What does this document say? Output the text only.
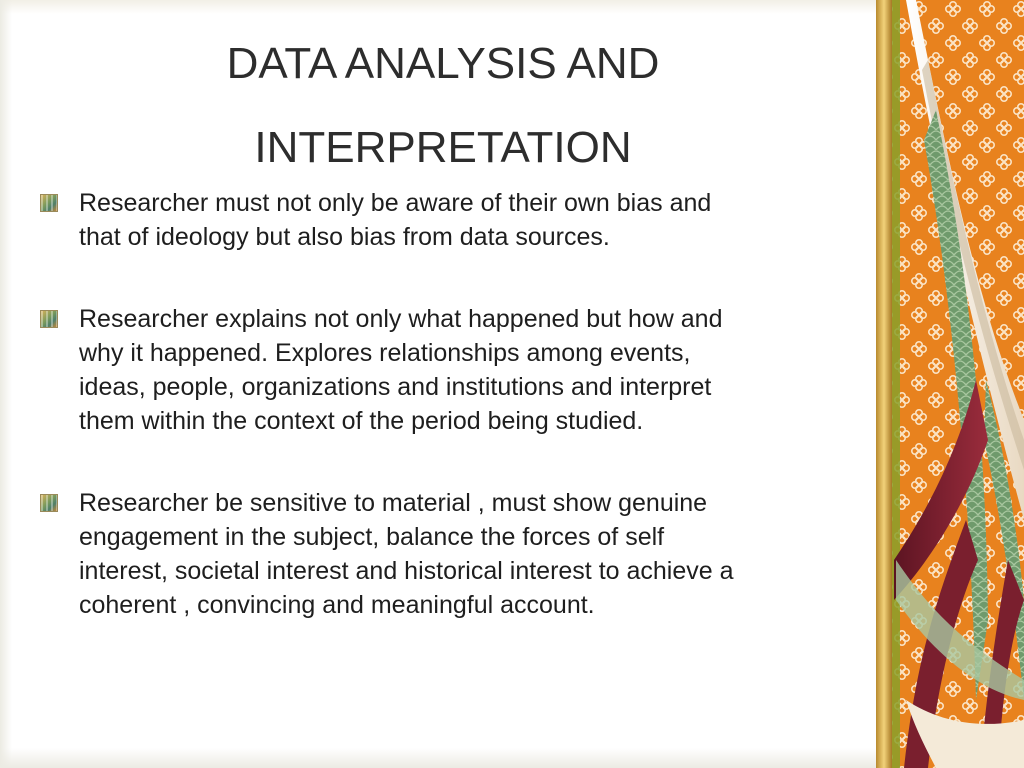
DATA ANALYSIS AND
INTERPRETATION
Researcher must not only be aware of their own bias and
that of ideology but also bias from data sources.
Researcher explains not only what happened but how and
why it happened. Explores relationships among events,
ideas, people, organizations and institutions and interpret
them within the context of the period being studied.
Researcher be sensitive to material , must show genuine
engagement in the subject, balance the forces of self
interest, societal interest and historical interest to achieve a
coherent , convincing and meaningful account.
